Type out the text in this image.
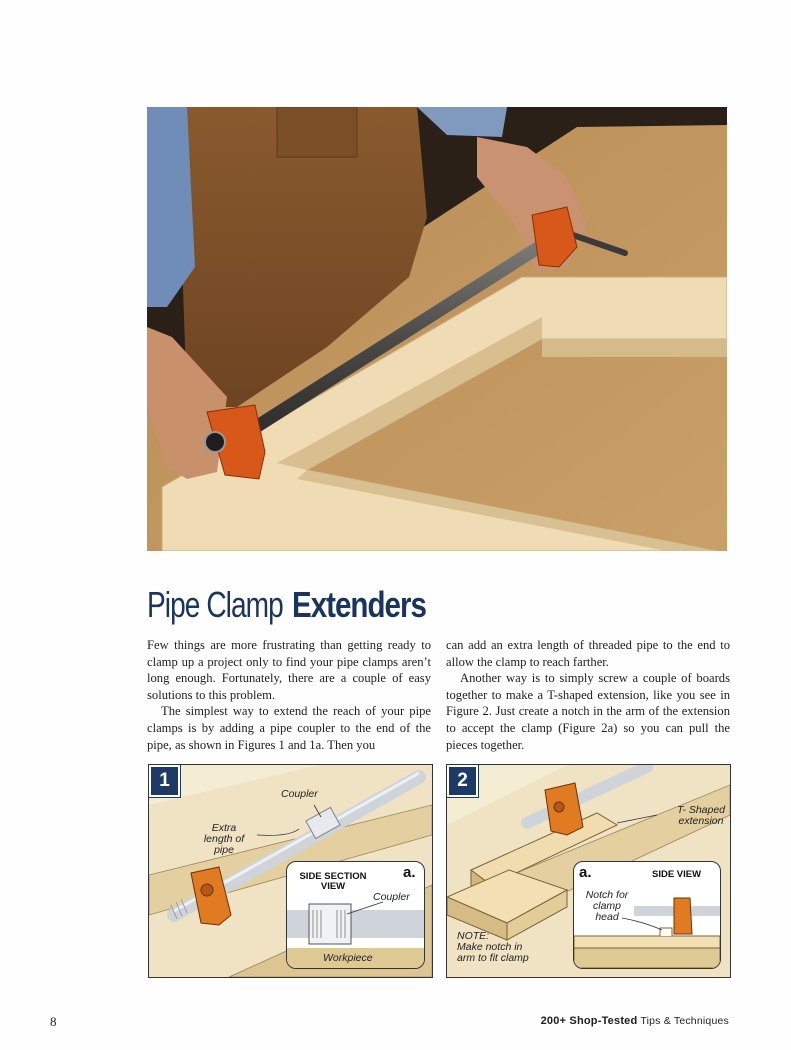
Pipe Clamp Extenders

Few things are more frustrating than getting ready to clamp up a project only to find your pipe clamps aren’t long enough. Fortunately, there are a couple of easy solutions to this problem.

The simplest way to extend the reach of your pipe clamps is by adding a pipe coupler to the end of the pipe, as shown in Figures 1 and 1a. Then you

can add an extra length of threaded pipe to the end to allow the clamp to reach farther.

Another way is to simply screw a couple of boards together to make a T-shaped extension, like you see in Figure 2. Just create a notch in the arm of the extension to accept the clamp (Figure 2a) so you can pull the pieces together.

1
Coupler
Extra length of pipe
a.
SIDE SECTION VIEW
Coupler
Workpiece
2
T- Shaped extension
NOTE:
Make notch in arm to fit clamp
a.	SIDE VIEW
Notch for clamp head
8	200+ Shop-Tested Tips & Techniques
